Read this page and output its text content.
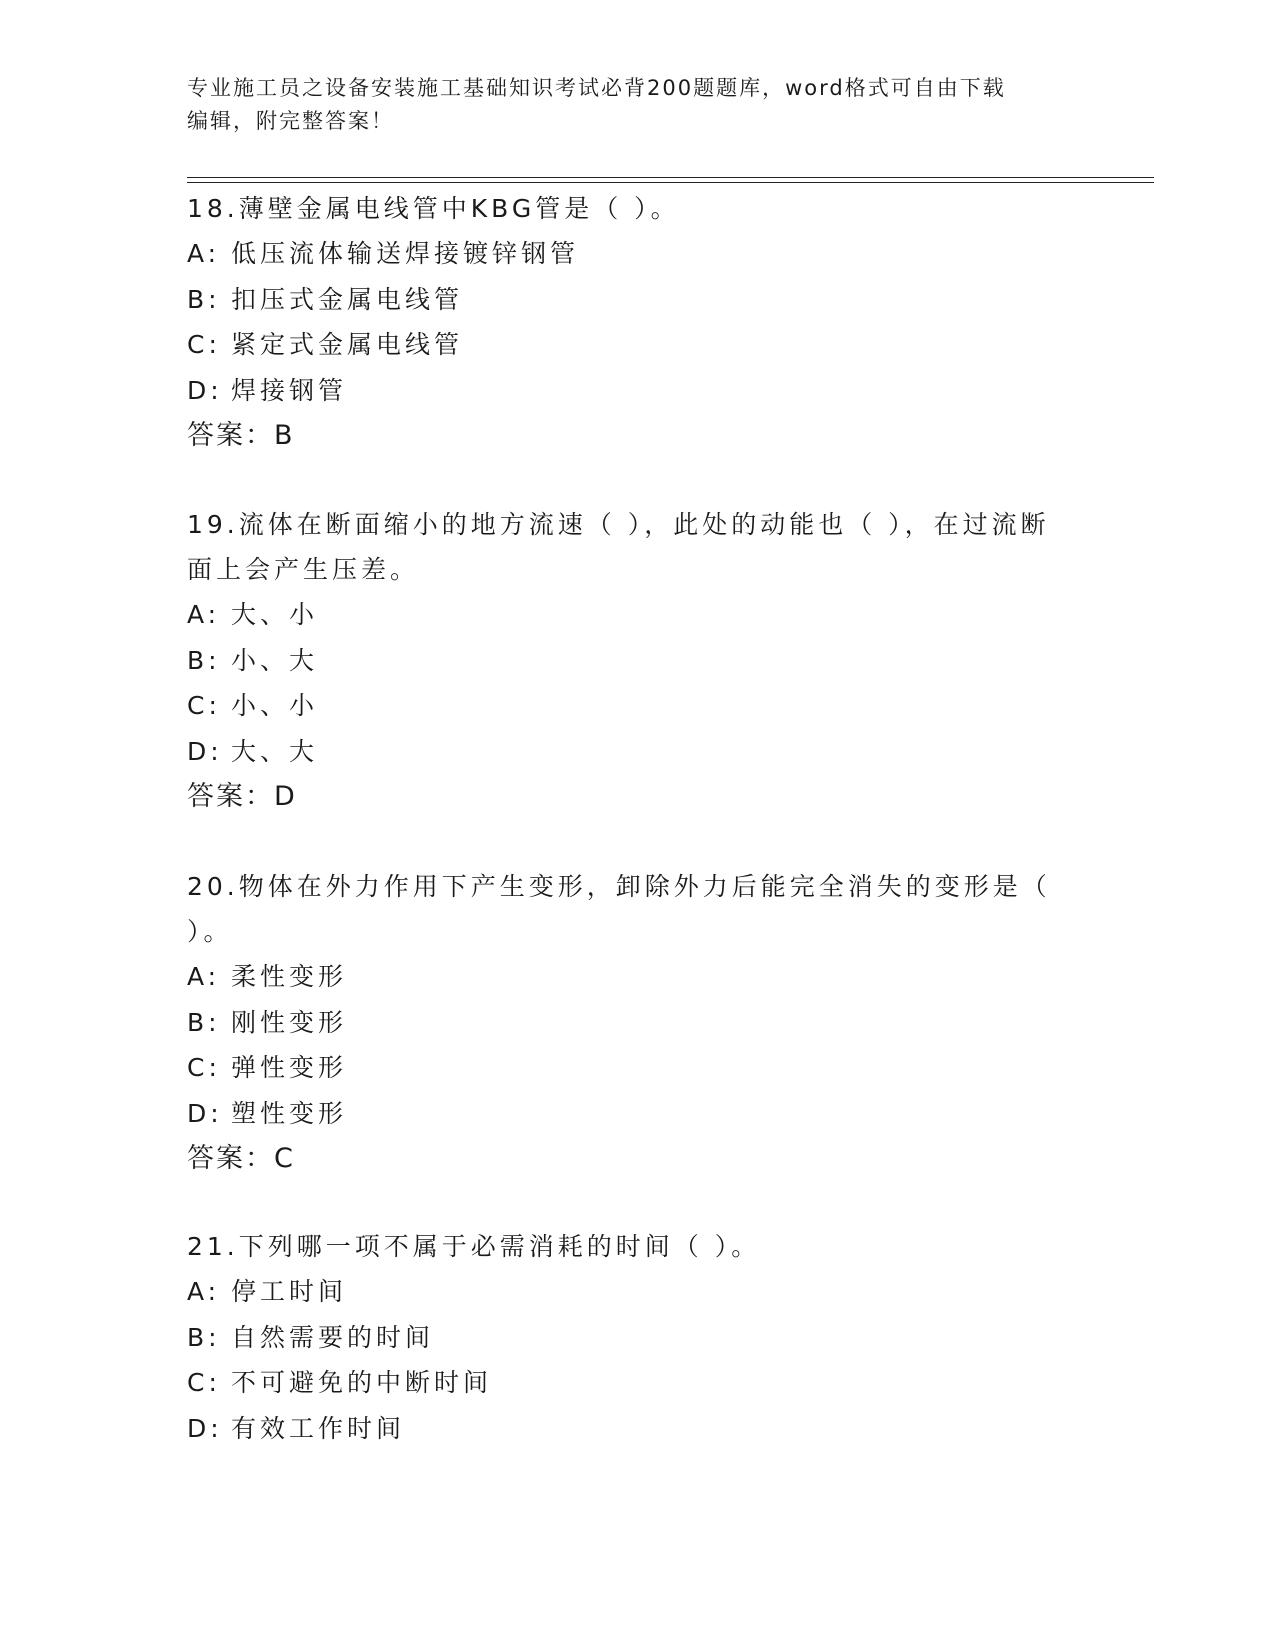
专业施工员之设备安装施工基础知识考试必背200题题库，word格式可自由下载
编辑，附完整答案！
18.薄壁金属电线管中KBG管是（ ）。
A: 低压流体输送焊接镀锌钢管
B: 扣压式金属电线管
C: 紧定式金属电线管
D: 焊接钢管
答案：B
19.流体在断面缩小的地方流速（ ），此处的动能也（ ），在过流断
面上会产生压差。
A: 大、小
B: 小、大
C: 小、小
D: 大、大
答案：D
20.物体在外力作用下产生变形，卸除外力后能完全消失的变形是（
）。
A: 柔性变形
B: 刚性变形
C: 弹性变形
D: 塑性变形
答案：C
21.下列哪一项不属于必需消耗的时间（ ）。
A: 停工时间
B: 自然需要的时间
C: 不可避免的中断时间
D: 有效工作时间
